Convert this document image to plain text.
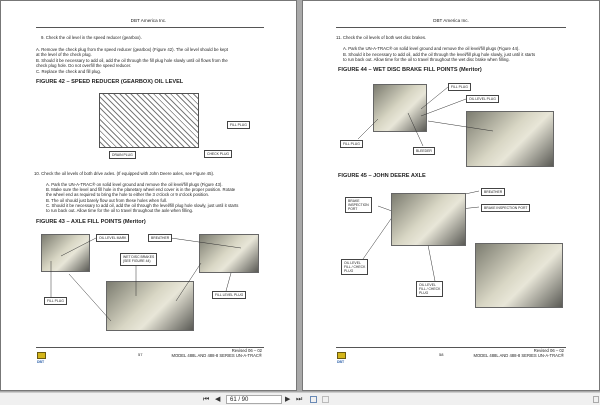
DBT America Inc.
9. Check the oil level in the speed reducer (gearbox).
A. Remove the check plug from the speed reducer (gearbox) (Figure 42). The oil level should be kept
at the level of the check plug.
B. Should it be necessary to add oil, add the oil through the fill plug hole slowly until oil flows from the
check plug hole. Do not overfill the speed reducer.
C. Replace the check and fill plug.
FIGURE 42 – SPEED REDUCER (GEARBOX) OIL LEVEL
FILL PLUG
DRAIN PLUG	CHECK PLUG
10. Check the oil levels of both drive axles. (If equipped with John Deere axles, see Figure 45).
A. Park the UN-A-TRAC® on solid level ground and remove the oil level/fill plugs (Figure 43).
B. Make sure the level and fill hole in the planetary wheel end cover is in the proper position. Rotate
the wheel end as required to bring the hole to either the 3 o'clock or 9 o'clock position.
B. The oil should just barely flow out from these holes when full.
C. Should it be necessary to add oil, add the oil through the level/fill plug hole slowly, just until it starts
to run back out. Allow time for the oil to travel throughout the axle when filling.
FIGURE 43 – AXLE FILL POINTS (Meritor)
OIL LEVEL MARK	BREATHER
WET DISC BRAKES
(SEE FIGURE 44)
FILL PLUG
FILL LEVEL PLUG
DBT
57
Revised 06 – 02
MODEL 488L AND 488-8 SERIES UN-A-TRAC®
DBT America Inc.
11. Check the oil levels of both wet disc brakes.
A. Park the UN-A-TRAC® on solid level ground and remove the oil level/fill plugs (Figure 44).
B. Should it be necessary to add oil, add the oil through the level/fill plug hole slowly, just until it starts
to run back out. Allow time for the oil to travel throughout the wet disc brake when filling.
FIGURE 44 – WET DISC BRAKE FILL POINTS (Meritor)
FILL PLUG
OIL LEVEL PLUG
FILL PLUG
BLEEDER
FIGURE 45 – JOHN DEERE AXLE
BREATHER
BRAKE
INSPECTION
PORT	BRAKE INSPECTION PORT
OIL LEVEL
FILL / CHECK
PLUG
OIL LEVEL
FILL / CHECK
PLUG
DBT
58
Revised 06 – 02
MODEL 488L AND 488-8 SERIES UN-A-TRAC®
⏮ ◀	61 / 90	▶ ⏭
